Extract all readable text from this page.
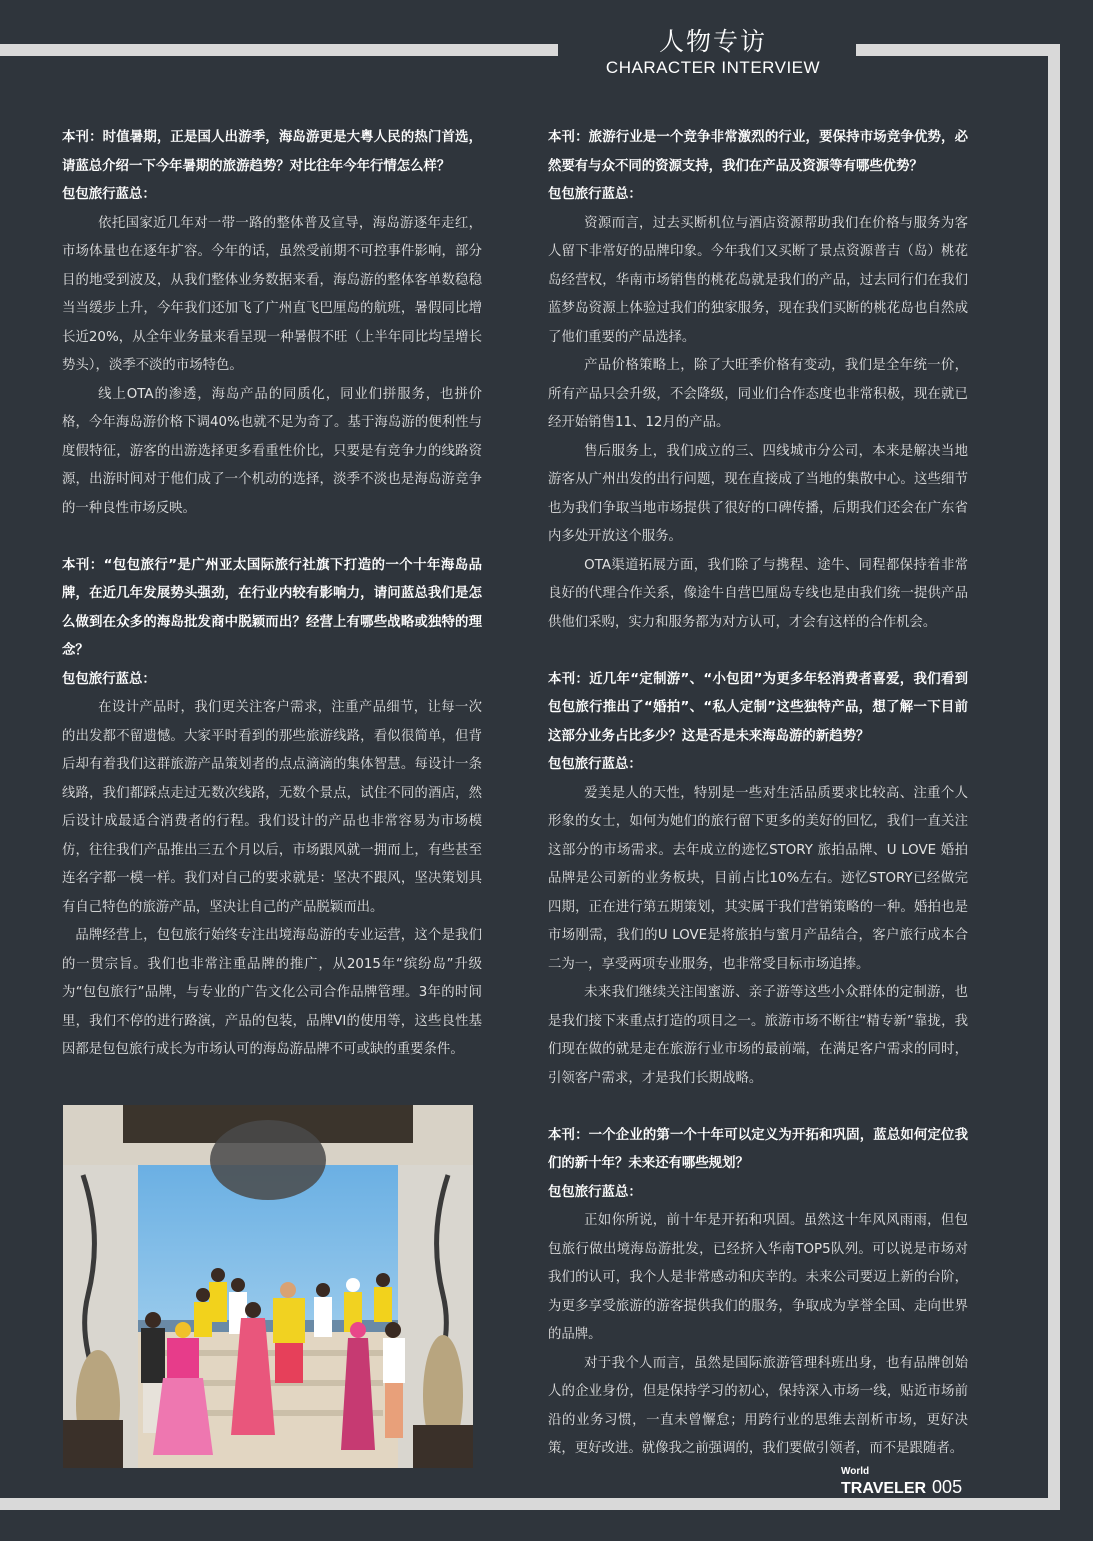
人物专访
CHARACTER INTERVIEW

本刊：时值暑期，正是国人出游季，海岛游更是大粤人民的热门首选，请蓝总介绍一下今年暑期的旅游趋势？对比往年今年行情怎么样？

包包旅行蓝总：

依托国家近几年对一带一路的整体普及宣导，海岛游逐年走红，市场体量也在逐年扩容。今年的话，虽然受前期不可控事件影响，部分目的地受到波及，从我们整体业务数据来看，海岛游的整体客单数稳稳当当缓步上升，今年我们还加飞了广州直飞巴厘岛的航班，暑假同比增长近20%，从全年业务量来看呈现一种暑假不旺（上半年同比均呈增长势头），淡季不淡的市场特色。

线上OTA的渗透，海岛产品的同质化，同业们拼服务，也拼价格，今年海岛游价格下调40%也就不足为奇了。基于海岛游的便利性与度假特征，游客的出游选择更多看重性价比，只要是有竞争力的线路资源，出游时间对于他们成了一个机动的选择，淡季不淡也是海岛游竞争的一种良性市场反映。

本刊：“包包旅行”是广州亚太国际旅行社旗下打造的一个十年海岛品牌，在近几年发展势头强劲，在行业内较有影响力，请问蓝总我们是怎么做到在众多的海岛批发商中脱颖而出？经营上有哪些战略或独特的理念？

包包旅行蓝总：

在设计产品时，我们更关注客户需求，注重产品细节，让每一次的出发都不留遗憾。大家平时看到的那些旅游线路，看似很简单，但背后却有着我们这群旅游产品策划者的点点滴滴的集体智慧。每设计一条线路，我们都踩点走过无数次线路，无数个景点，试住不同的酒店，然后设计成最适合消费者的行程。我们设计的产品也非常容易为市场模仿，往往我们产品推出三五个月以后，市场跟风就一拥而上，有些甚至连名字都一模一样。我们对自己的要求就是：坚决不跟风，坚决策划具有自己特色的旅游产品，坚决让自己的产品脱颖而出。

品牌经营上，包包旅行始终专注出境海岛游的专业运营，这个是我们的一贯宗旨。我们也非常注重品牌的推广，从2015年“缤纷岛”升级为“包包旅行”品牌，与专业的广告文化公司合作品牌管理。3年的时间里，我们不停的进行路演，产品的包装，品牌VI的使用等，这些良性基因都是包包旅行成长为市场认可的海岛游品牌不可或缺的重要条件。

本刊：旅游行业是一个竞争非常激烈的行业，要保持市场竞争优势，必然要有与众不同的资源支持，我们在产品及资源等有哪些优势？

包包旅行蓝总：

资源而言，过去买断机位与酒店资源帮助我们在价格与服务为客人留下非常好的品牌印象。今年我们又买断了景点资源普吉（岛）桃花岛经营权，华南市场销售的桃花岛就是我们的产品，过去同行们在我们蓝梦岛资源上体验过我们的独家服务，现在我们买断的桃花岛也自然成了他们重要的产品选择。

产品价格策略上，除了大旺季价格有变动，我们是全年统一价，所有产品只会升级，不会降级，同业们合作态度也非常积极，现在就已经开始销售11、12月的产品。

售后服务上，我们成立的三、四线城市分公司，本来是解决当地游客从广州出发的出行问题，现在直接成了当地的集散中心。这些细节也为我们争取当地市场提供了很好的口碑传播，后期我们还会在广东省内多处开放这个服务。

OTA渠道拓展方面，我们除了与携程、途牛、同程都保持着非常良好的代理合作关系，像途牛自营巴厘岛专线也是由我们统一提供产品供他们采购，实力和服务都为对方认可，才会有这样的合作机会。

本刊：近几年“定制游”、“小包团”为更多年轻消费者喜爱，我们看到包包旅行推出了“婚拍”、“私人定制”这些独特产品，想了解一下目前这部分业务占比多少？这是否是未来海岛游的新趋势？

包包旅行蓝总：

爱美是人的天性，特别是一些对生活品质要求比较高、注重个人形象的女士，如何为她们的旅行留下更多的美好的回忆，我们一直关注这部分的市场需求。去年成立的迹忆STORY 旅拍品牌、U LOVE 婚拍品牌是公司新的业务板块，目前占比10%左右。迹忆STORY已经做完四期，正在进行第五期策划，其实属于我们营销策略的一种。婚拍也是市场刚需，我们的U LOVE是将旅拍与蜜月产品结合，客户旅行成本合二为一，享受两项专业服务，也非常受目标市场追捧。

未来我们继续关注闺蜜游、亲子游等这些小众群体的定制游，也是我们接下来重点打造的项目之一。旅游市场不断往“精专新”靠拢，我们现在做的就是走在旅游行业市场的最前端，在满足客户需求的同时，引领客户需求，才是我们长期战略。

本刊：一个企业的第一个十年可以定义为开拓和巩固，蓝总如何定位我们的新十年？未来还有哪些规划？

包包旅行蓝总：

正如你所说，前十年是开拓和巩固。虽然这十年风风雨雨，但包包旅行做出境海岛游批发，已经挤入华南TOP5队列。可以说是市场对我们的认可，我个人是非常感动和庆幸的。未来公司要迈上新的台阶，为更多享受旅游的游客提供我们的服务，争取成为享誉全国、走向世界的品牌。

对于我个人而言，虽然是国际旅游管理科班出身，也有品牌创始人的企业身份，但是保持学习的初心，保持深入市场一线，贴近市场前沿的业务习惯，一直未曾懈怠；用跨行业的思维去剖析市场，更好决策，更好改进。就像我之前强调的，我们要做引领者，而不是跟随者。

World
TRAVELER 005
